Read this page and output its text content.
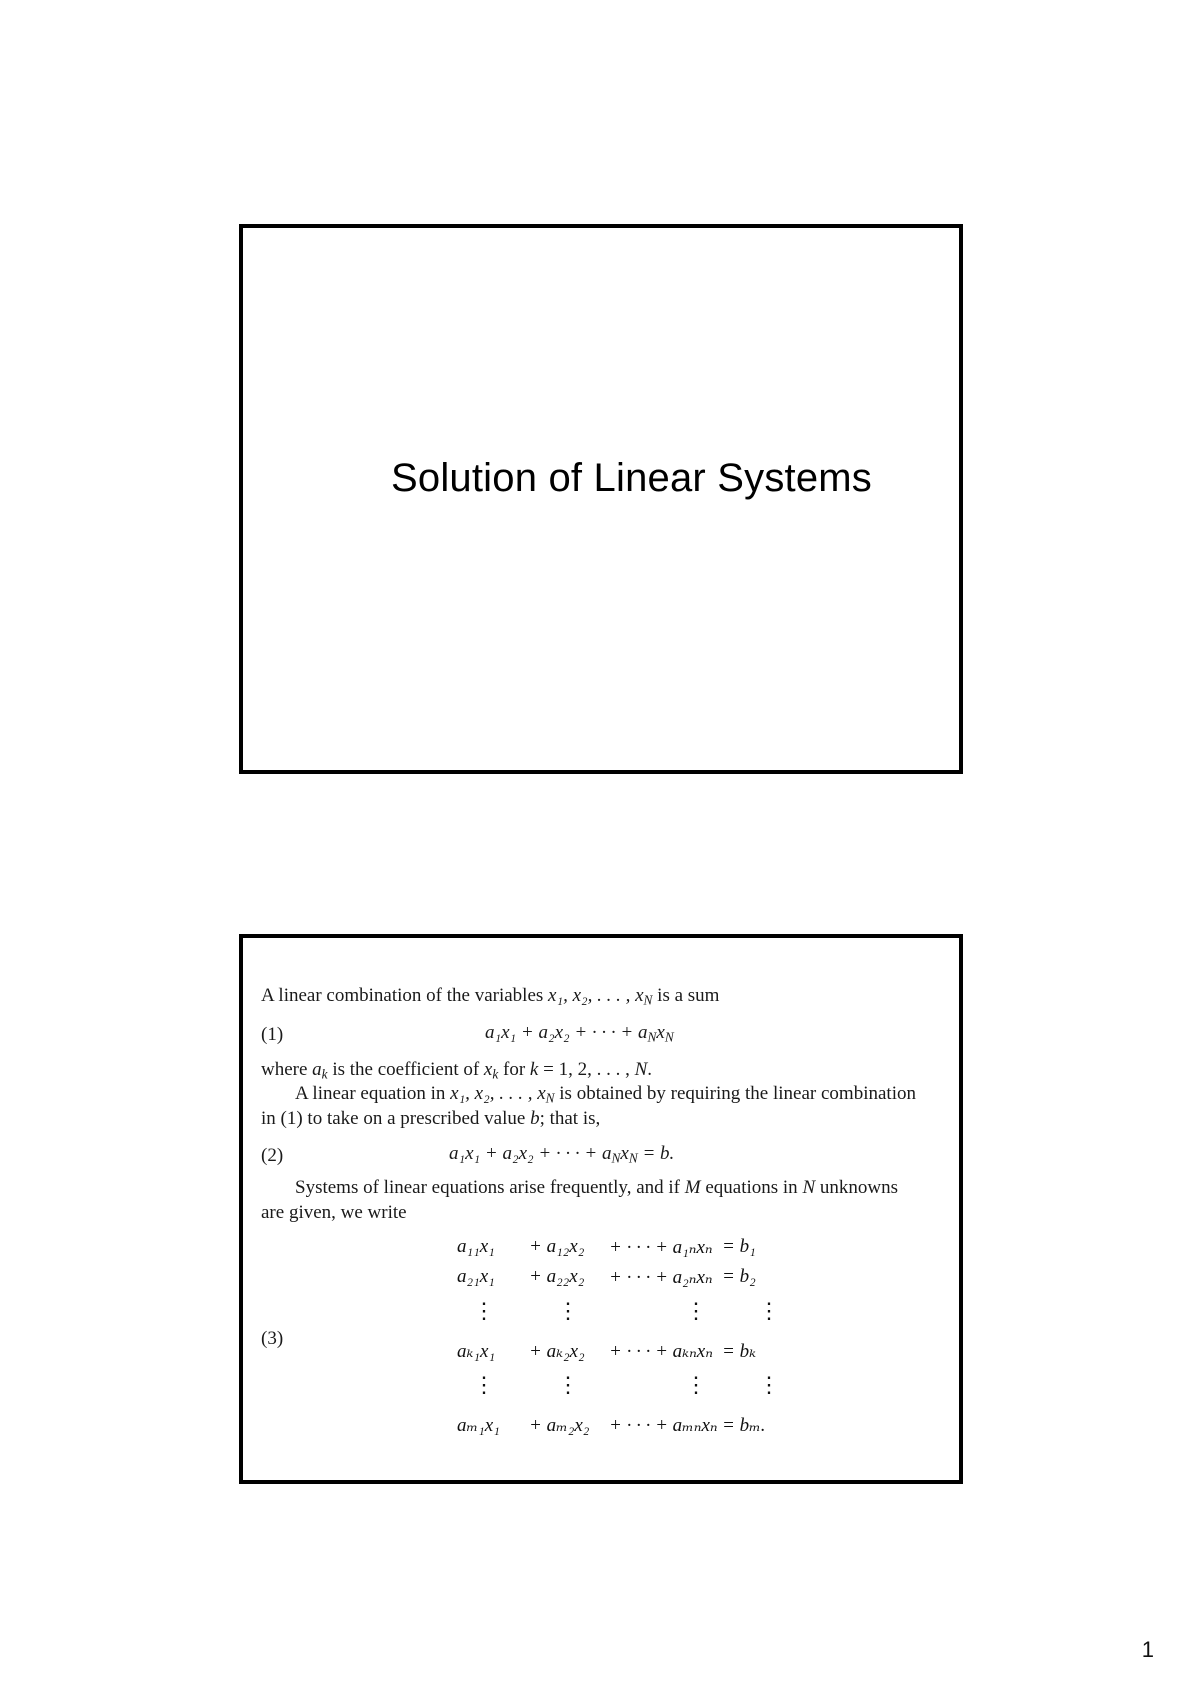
Solution of Linear Systems
A linear combination of the variables x₁, x₂, . . . , $x_N$ is a sum
(1)	a₁x₁ + a₂x₂ + · · · + $a_Nx_N$
where $a_k$ is the coefficient of $x_k$ for k = 1, 2, . . . , N.
A linear equation in x₁, x₂, . . . , $x_N$ is obtained by requiring the linear combination
in (1) to take on a prescribed value b; that is,
(2)	a₁x₁ + a₂x₂ + · · · + $a_Nx_N = b$.
Systems of linear equations arise frequently, and if M equations in N unknowns
are given, we write
a₁₁x₁ + a₁₂x₂ + · · · + a₁ₙxₙ = b₁
a₂₁x₁ + a₂₂x₂ + · · · + a₂ₙxₙ = b₂
⋮	⋮	⋮ ⋮
(3)
aₖ₁x₁ + aₖ₂x₂ + · · · + aₖₙxₙ = bₖ
⋮	⋮	⋮ ⋮
aₘ₁x₁ + aₘ₂x₂ + · · · + aₘₙxₙ = bₘ.
1
